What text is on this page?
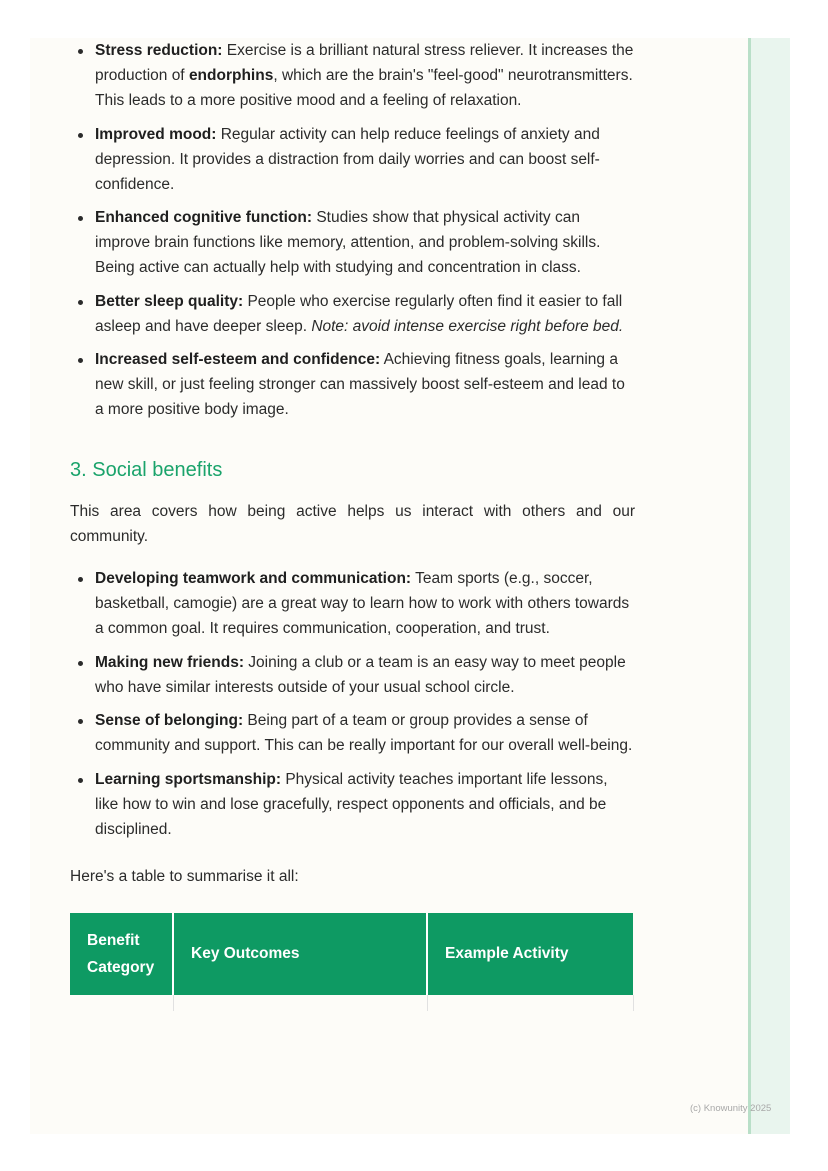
Stress reduction: Exercise is a brilliant natural stress reliever. It increases the production of endorphins, which are the brain's "feel-good" neurotransmitters. This leads to a more positive mood and a feeling of relaxation.
Improved mood: Regular activity can help reduce feelings of anxiety and depression. It provides a distraction from daily worries and can boost self-confidence.
Enhanced cognitive function: Studies show that physical activity can improve brain functions like memory, attention, and problem-solving skills. Being active can actually help with studying and concentration in class.
Better sleep quality: People who exercise regularly often find it easier to fall asleep and have deeper sleep. Note: avoid intense exercise right before bed.
Increased self-esteem and confidence: Achieving fitness goals, learning a new skill, or just feeling stronger can massively boost self-esteem and lead to a more positive body image.
3. Social benefits

This area covers how being active helps us interact with others and our community.

Developing teamwork and communication: Team sports (e.g., soccer, basketball, camogie) are a great way to learn how to work with others towards a common goal. It requires communication, cooperation, and trust.
Making new friends: Joining a club or a team is an easy way to meet people who have similar interests outside of your usual school circle.
Sense of belonging: Being part of a team or group provides a sense of community and support. This can be really important for our overall well-being.
Learning sportsmanship: Physical activity teaches important life lessons, like how to win and lose gracefully, respect opponents and officials, and be disciplined.

Here's a table to summarise it all:

Benefit Category	Key Outcomes	Example Activity

(c) Knowunity 2025
